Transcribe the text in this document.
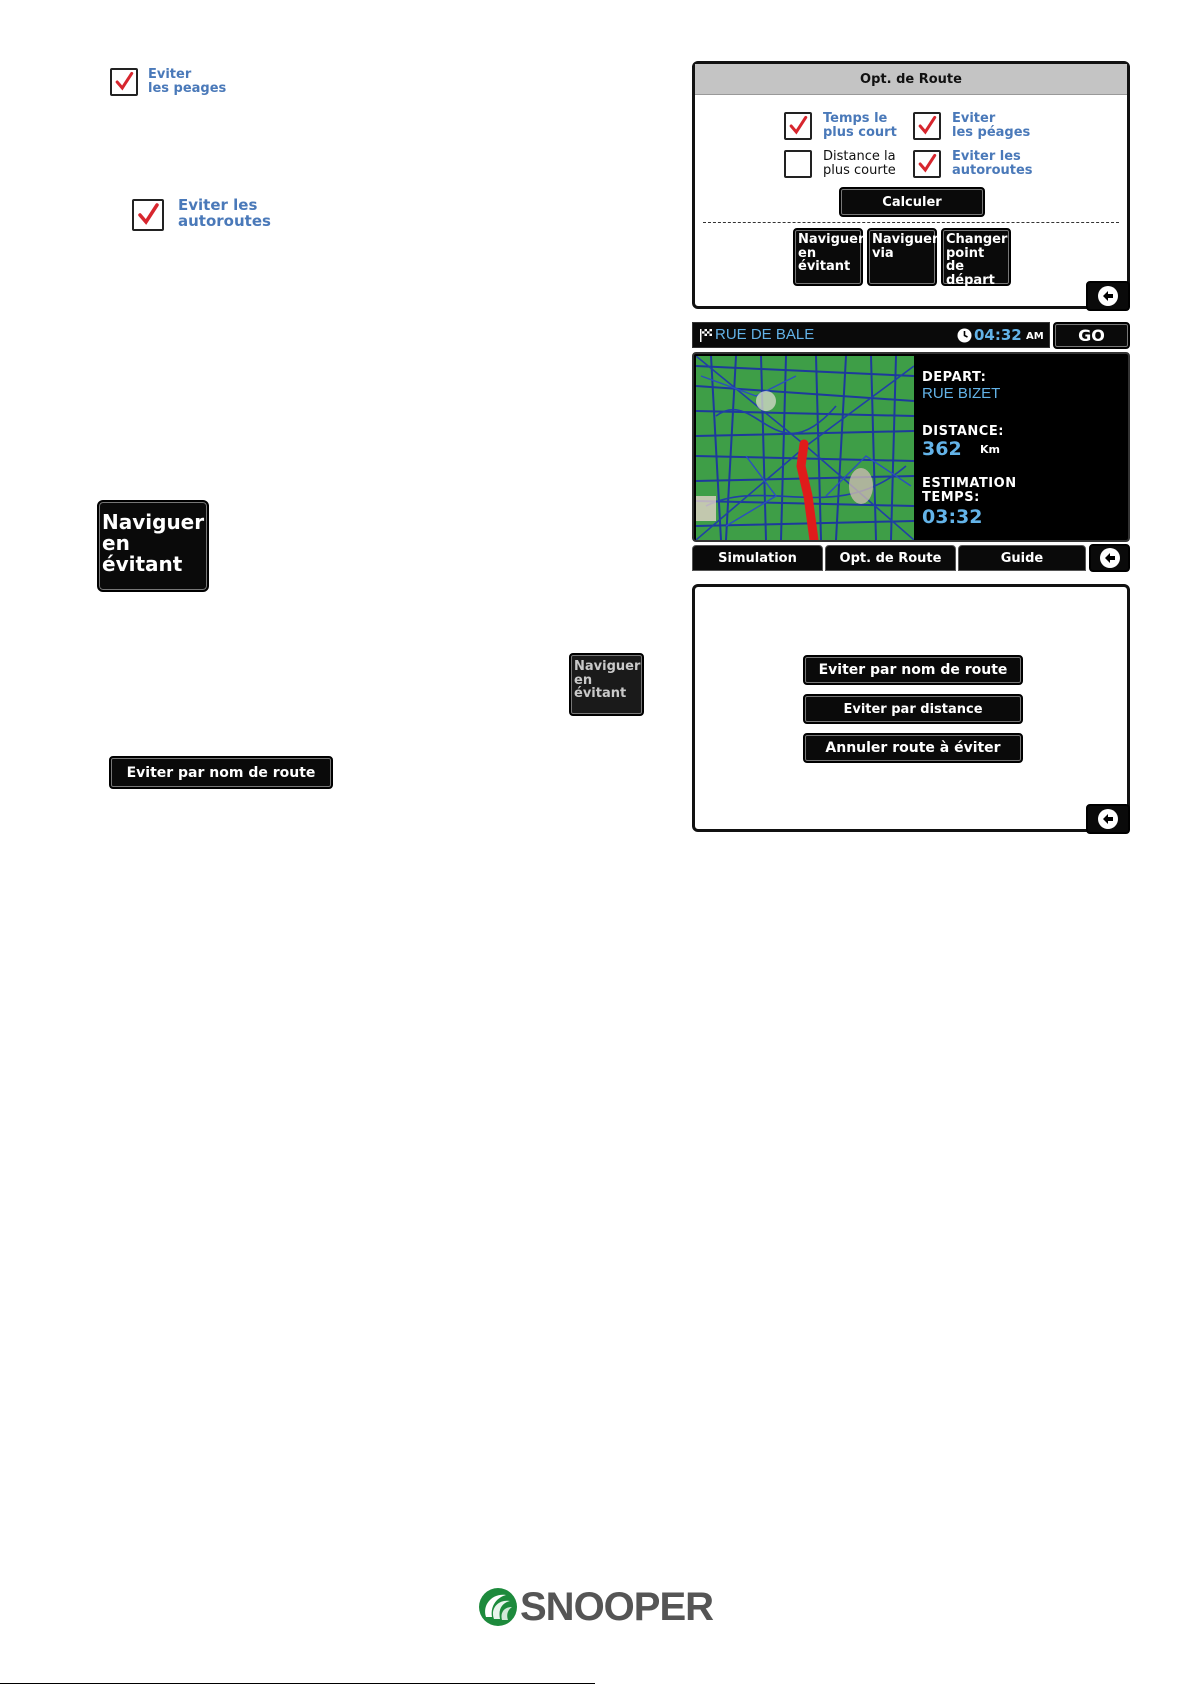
Eviter
les peages
Eviter les
autoroutes
Naviguer
en
évitant
Naviguer
en
évitant
Eviter par nom de route
Opt. de Route
Temps le
plus court
Eviter
les péages
Distance la
plus courte
Eviter les
autoroutes
Calculer
Naviguer
en
évitant
Naviguer
via
Changer
point de
départ
RUE DE BALE	04:32 AM GO
DEPART:
RUE BIZET
DISTANCE:
362 Km
ESTIMATION
TEMPS:
03:32
Simulation	Opt. de Route	Guide
Eviter par nom de route
Eviter par distance
Annuler route à éviter
SNOOPER
